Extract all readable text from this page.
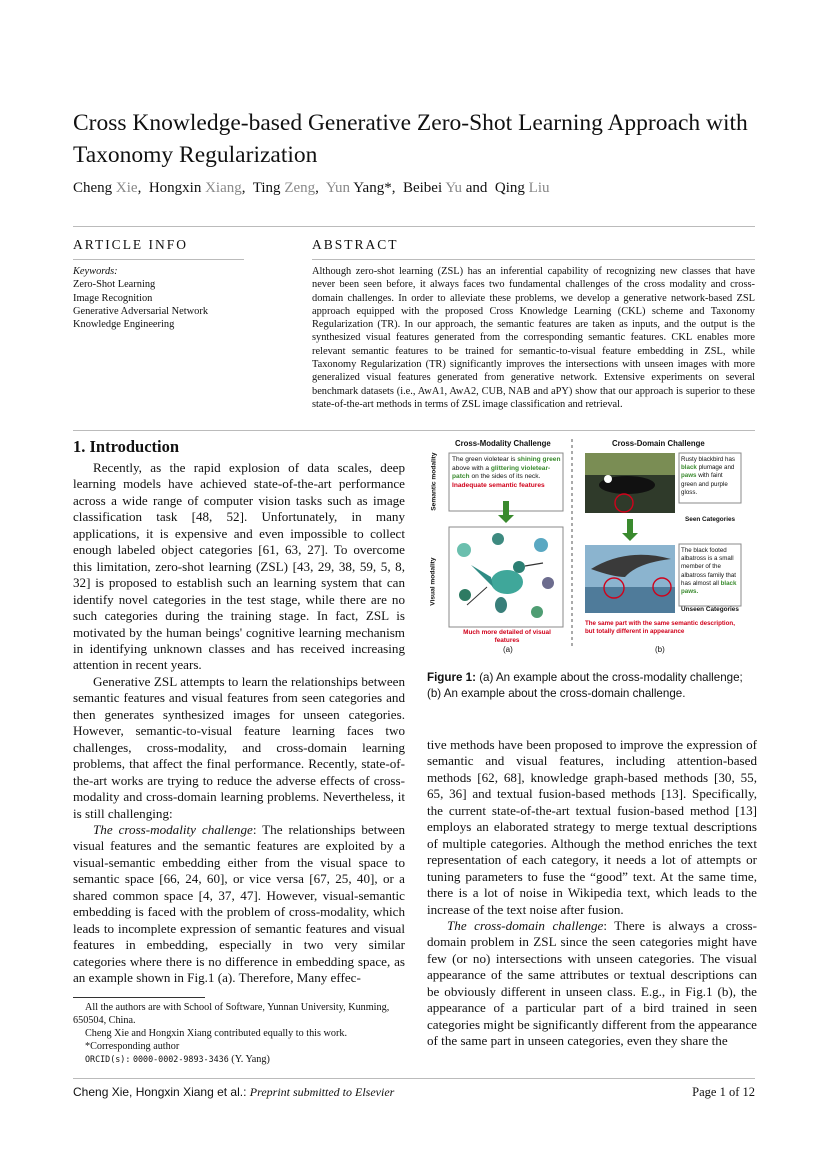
Cross Knowledge-based Generative Zero-Shot Learning Approach with Taxonomy Regularization
Cheng Xie,  Hongxin Xiang,  Ting Zeng,  Yun Yang*,  Beibei Yu and  Qing Liu
ARTICLE INFO	ABSTRACT
Keywords:
Zero-Shot Learning
Image Recognition
Generative Adversarial Network
Knowledge Engineering

Although zero-shot learning (ZSL) has an inferential capability of recognizing new classes that have never been seen before, it always faces two fundamental challenges of the cross modality and cross-domain challenges. In order to alleviate these problems, we develop a generative network-based ZSL approach equipped with the proposed Cross Knowledge Learning (CKL) scheme and Taxonomy Regularization (TR). In our approach, the semantic features are taken as inputs, and the output is the synthesized visual features generated from the corresponding semantic features. CKL enables more relevant semantic features to be trained for semantic-to-visual feature embedding in ZSL, while Taxonomy Regularization (TR) significantly improves the intersections with unseen images with more generalized visual features generated from generative network. Extensive experiments on several benchmark datasets (i.e., AwA1, AwA2, CUB, NAB and aPY) show that our approach is superior to these state-of-the-art methods in terms of ZSL image classification and retrieval.

1. Introduction

Recently, as the rapid explosion of data scales, deep learning models have achieved state-of-the-art performance across a wide range of computer vision tasks such as image classification task [48, 52]. Unfortunately, in many applications, it is expensive and even impossible to collect enough labeled object categories [61, 63, 27]. To overcome this limitation, zero-shot learning (ZSL) [43, 29, 38, 59, 5, 8, 32] is proposed to establish such an learning system that can identify novel categories in the test stage, while there are no such categories during the training stage. In fact, ZSL is motivated by the human beings' cognitive learning mechanism in identifying unknown classes and has received increasing attention in recent years.

Generative ZSL attempts to learn the relationships between semantic features and visual features from seen categories and then generates synthesized images for unseen categories. However, semantic-to-visual feature learning faces two challenges, cross-modality, and cross-domain learning problems, that affect the final performance. Recently, state-of-the-art works are trying to reduce the adverse effects of cross-modality and cross-domain learning problems. Nevertheless, it is still challenging:

The cross-modality challenge: The relationships between visual features and the semantic features are exploited by a visual-semantic embedding either from the visual space to semantic space [66, 24, 60], or vice versa [67, 25, 40], or a shared common space [4, 37, 47]. However, visual-semantic embedding is faced with the problem of cross-modality, which leads to incomplete expression of semantic features and visual features in embedding, especially in two very similar categories where there is no difference in embedding space, as an example shown in Fig.1 (a). Therefore, Many effec-

All the authors are with School of Software, Yunnan University, Kunming, 650504, China.

Cheng Xie and Hongxin Xiang contributed equally to this work.

*Corresponding author

ORCID(s): 0000-0002-9893-3436 (Y. Yang)

Cross-Modality Challenge	Cross-Domain Challenge
Semantic modality
Visual modality
The green violetear is shining green above with a glittering violetear-patch on the sides of its neck.
Inadequate semantic features
Much more detailed of visual features
Rusty blackbird has black plumage and paws with faint green and purple gloss.
Seen Categories
The black footed albatross is a small member of the albatross family that has almost all black paws.
Unseen Categories
The same part with the same semantic description, but totally different in appearance
(a)	(b)

Figure 1: (a) An example about the cross-modality challenge; (b) An example about the cross-domain challenge.

tive methods have been proposed to improve the expression of semantic and visual features, including attention-based methods [62, 68], knowledge graph-based methods [30, 55, 65, 36] and textual fusion-based methods [13]. Specifically, the current state-of-the-art textual fusion-based method [13] employs an elaborated strategy to merge textual descriptions of multiple categories. Although the method enriches the text representation of each category, it needs a lot of attempts or tuning parameters to fuse the “good” text. At the same time, there is a lot of noise in Wikipedia text, which leads to the increase of the text noise after fusion.

The cross-domain challenge: There is always a cross-domain problem in ZSL since the seen categories might have few (or no) intersections with unseen categories. The visual appearance of the same attributes or textual descriptions can be obviously different in unseen class. E.g., in Fig.1 (b), the appearance of a particular part of a bird trained in seen categories might be significantly different from the appearance of the same part in unseen categories, even they share the

Cheng Xie, Hongxin Xiang et al.: Preprint submitted to Elsevier	Page 1 of 12
